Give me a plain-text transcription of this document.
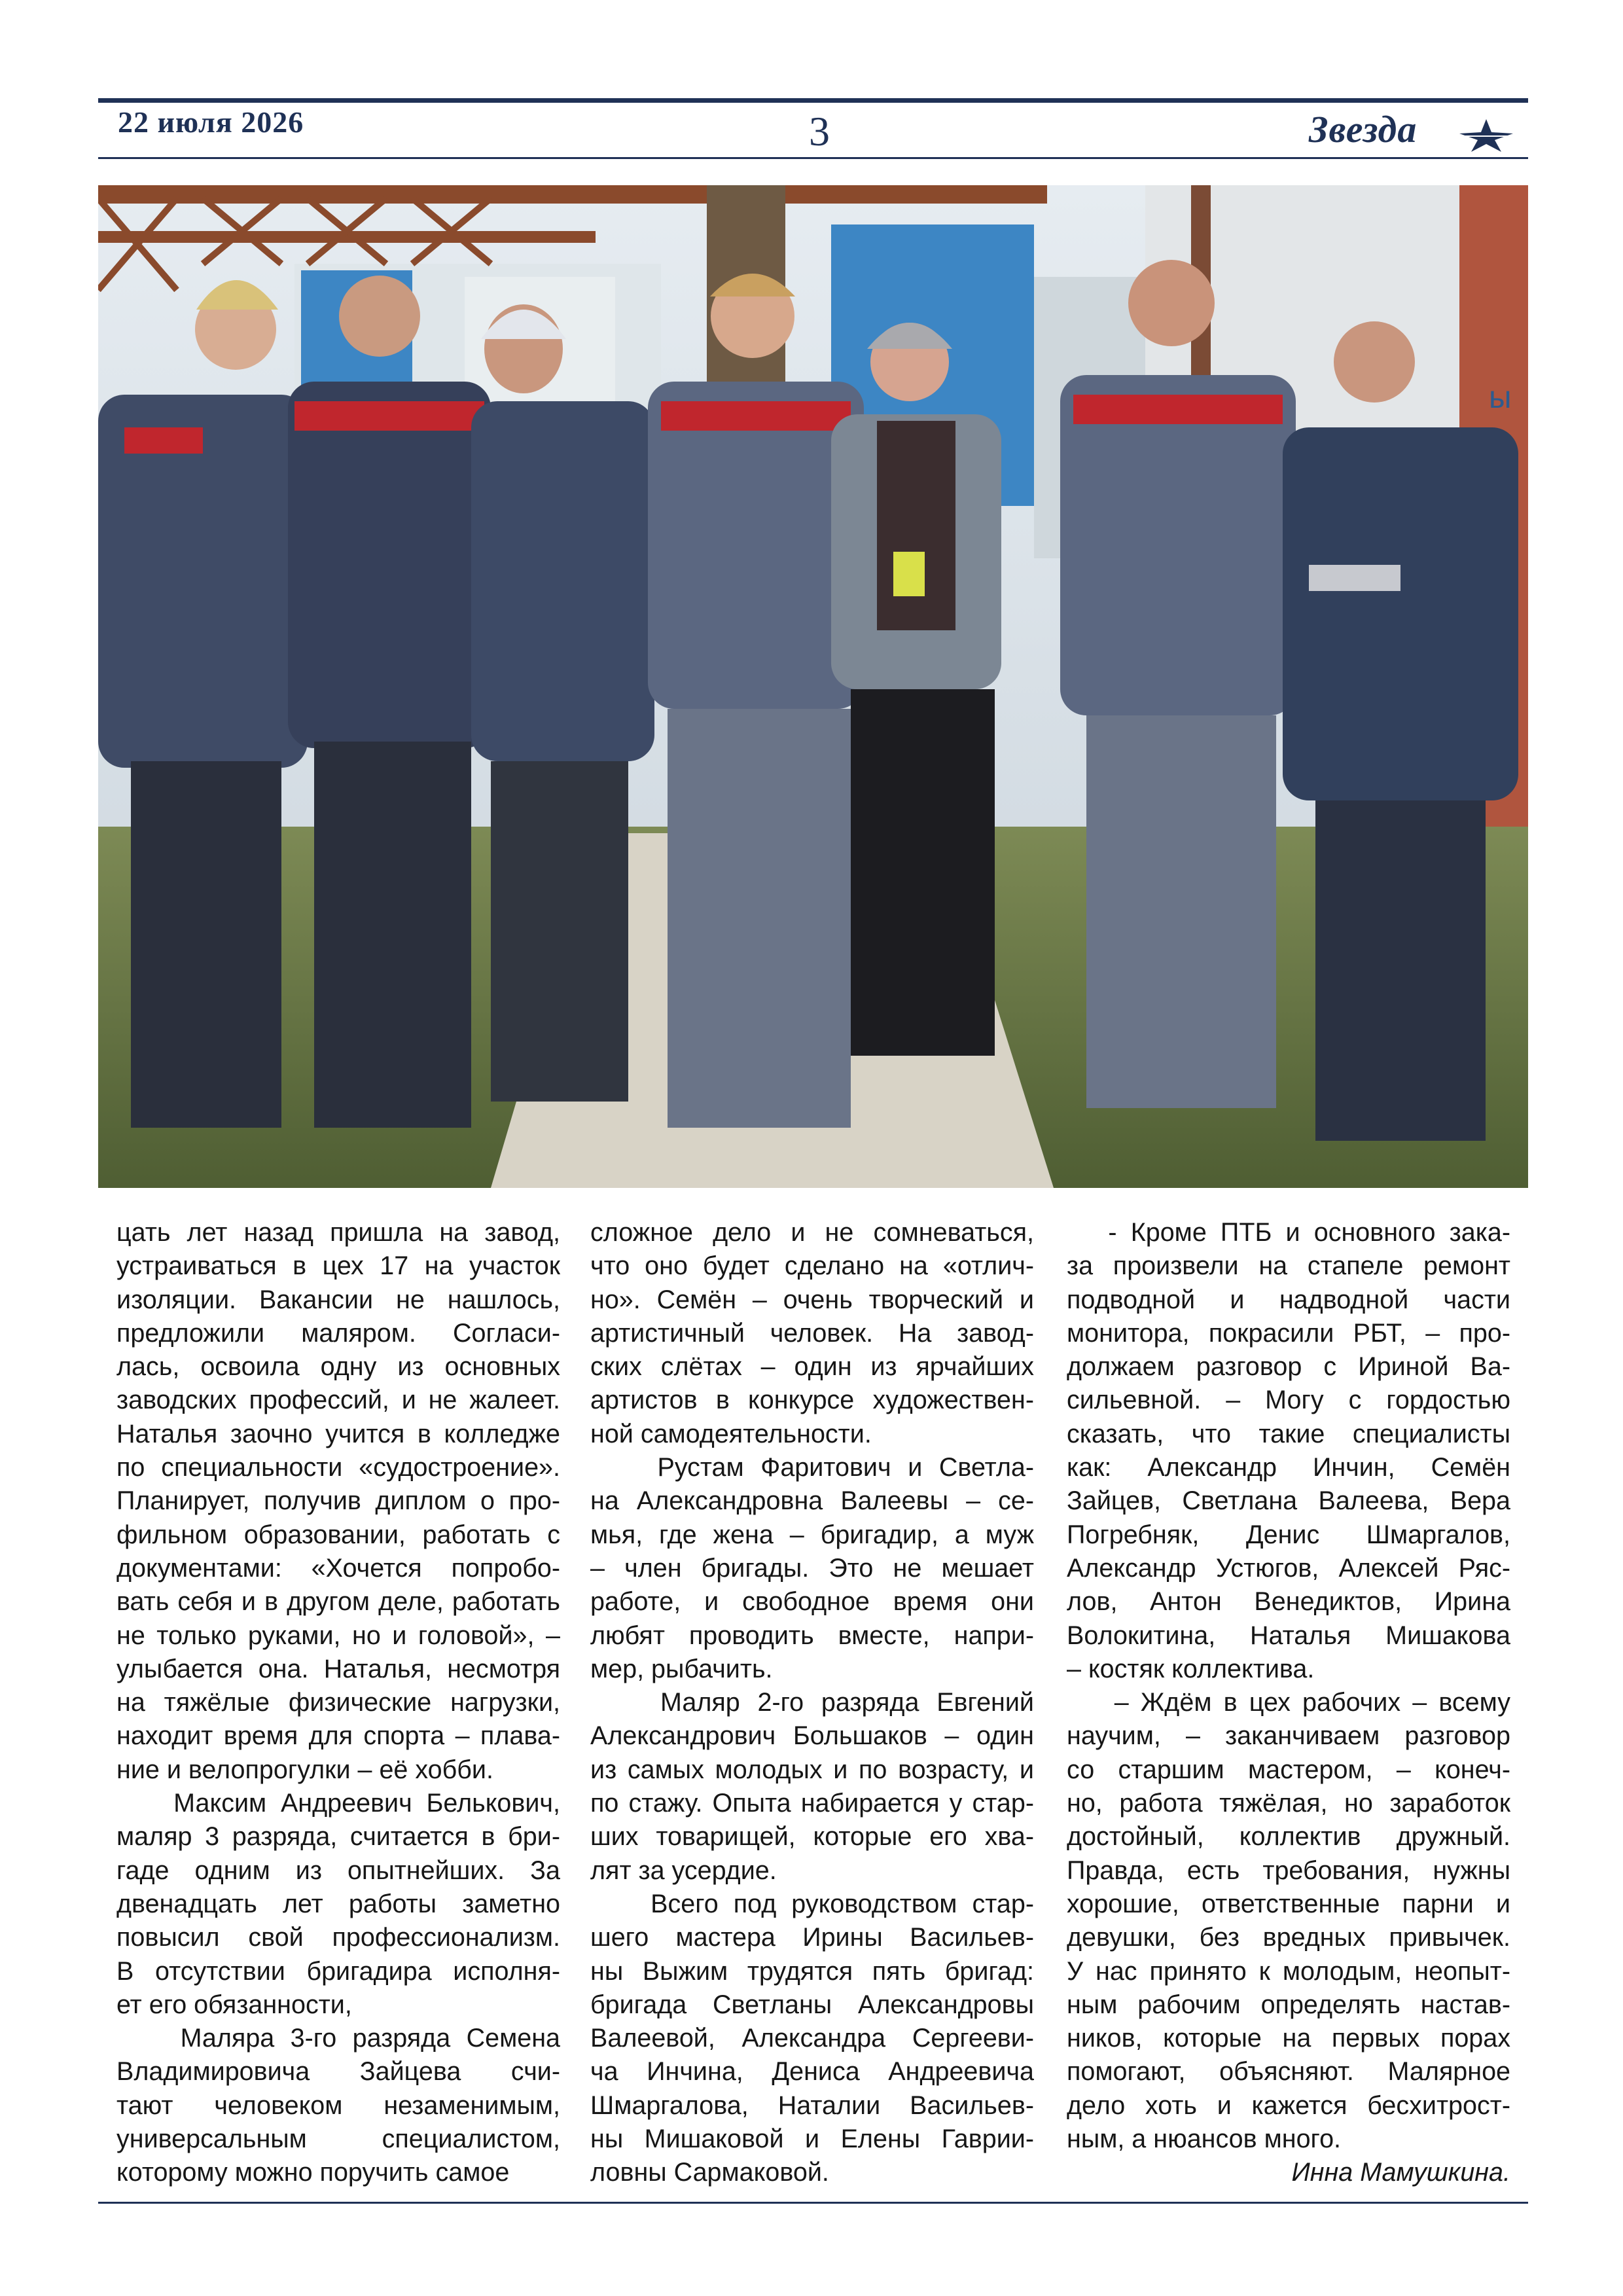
22 июля 2026	3	Звезда
ы
цать лет назад пришла на завод,
устраиваться в цех 17 на участок
изоляции. Вакансии не нашлось,
предложили маляром. Согласи-
лась, освоила одну из основных
заводских профессий, и не жалеет.
Наталья заочно учится в колледже
по специальности «судостроение».
Планирует, получив диплом о про-
фильном образовании, работать с
документами: «Хочется попробо-
вать себя и в другом деле, работать
не только руками, но и головой», –
улыбается она. Наталья, несмотря
на тяжёлые физические нагрузки,
находит время для спорта – плава-
ние и велопрогулки – её хобби.
Максим Андреевич Белькович,
маляр 3 разряда, считается в бри-
гаде одним из опытнейших. За
двенадцать лет работы заметно
повысил свой профессионализм.
В отсутствии бригадира исполня-
ет его обязанности,
Маляра 3-го разряда Семена
Владимировича Зайцева счи-
тают человеком незаменимым,
универсальным специалистом,
которому можно поручить самое
сложное дело и не сомневаться,
что оно будет сделано на «отлич-
но». Семён – очень творческий и
артистичный человек. На завод-
ских слётах – один из ярчайших
артистов в конкурсе художествен-
ной самодеятельности.
Рустам Фаритович и Светла-
на Александровна Валеевы – се-
мья, где жена – бригадир, а муж
– член бригады. Это не мешает
работе, и свободное время они
любят проводить вместе, напри-
мер, рыбачить.
Маляр 2-го разряда Евгений
Александрович Большаков – один
из самых молодых и по возрасту, и
по стажу. Опыта набирается у стар-
ших товарищей, которые его хва-
лят за усердие.
Всего под руководством стар-
шего мастера Ирины Васильев-
ны Выжим трудятся пять бригад:
бригада Светланы Александровы
Валеевой, Александра Сергееви-
ча Инчина, Дениса Андреевича
Шмаргалова, Наталии Васильев-
ны Мишаковой и Елены Гаврии-
ловны Сармаковой.
- Кроме ПТБ и основного зака-
за произвели на стапеле ремонт
подводной и надводной части
монитора, покрасили РБТ, – про-
должаем разговор с Ириной Ва-
сильевной. – Могу с гордостью
сказать, что такие специалисты
как: Александр Инчин, Семён
Зайцев, Светлана Валеева, Вера
Погребняк, Денис Шмаргалов,
Александр Устюгов, Алексей Ряс-
лов, Антон Венедиктов, Ирина
Волокитина, Наталья Мишакова
– костяк коллектива.
– Ждём в цех рабочих – всему
научим, – заканчиваем разговор
со старшим мастером, – конеч-
но, работа тяжёлая, но заработок
достойный, коллектив дружный.
Правда, есть требования, нужны
хорошие, ответственные парни и
девушки, без вредных привычек.
У нас принято к молодым, неопыт-
ным рабочим определять настав-
ников, которые на первых порах
помогают, объясняют. Малярное
дело хоть и кажется бесхитрост-
ным, а нюансов много.
Инна Мамушкина.
